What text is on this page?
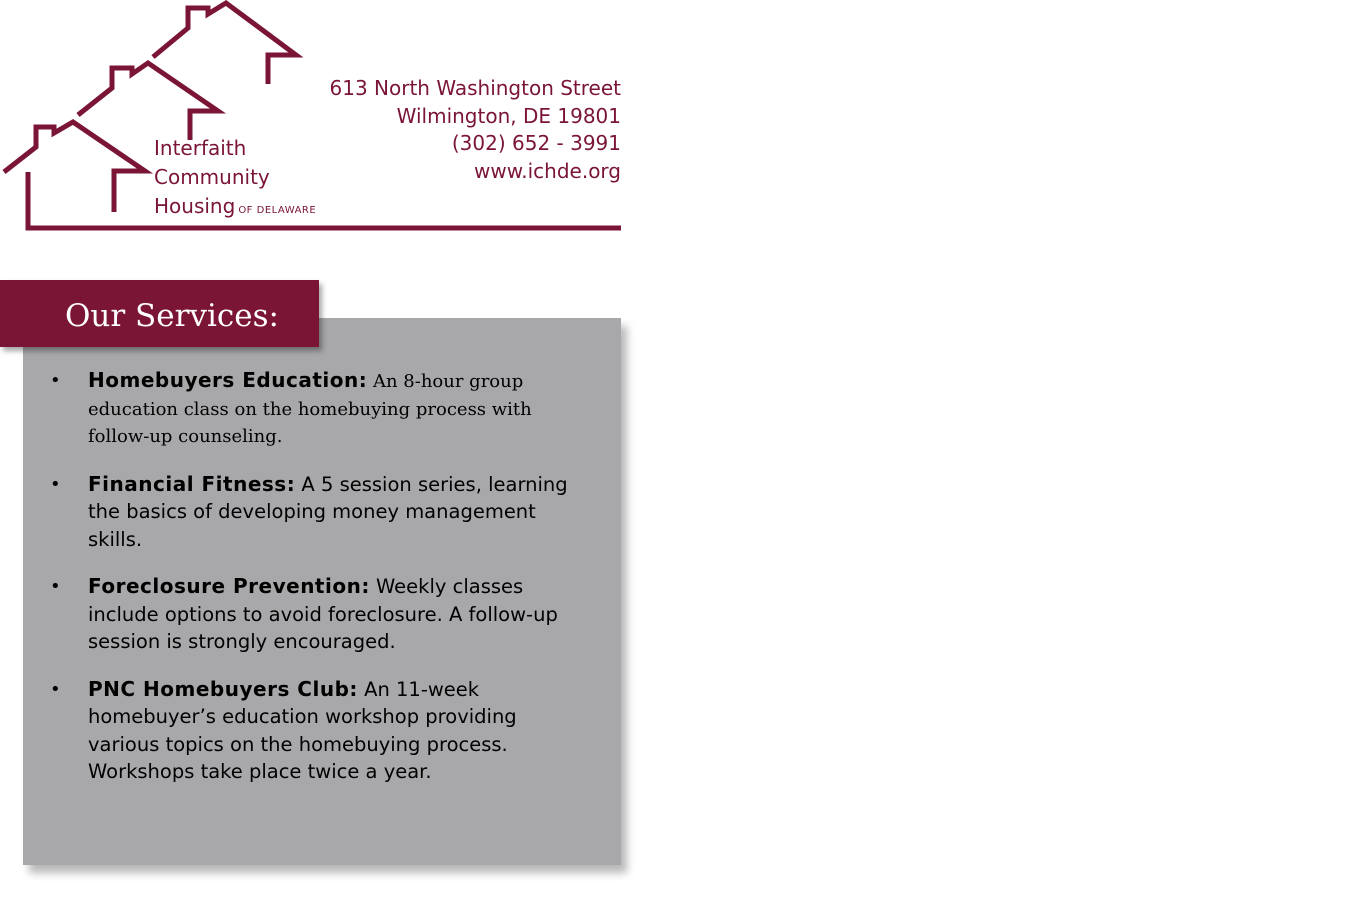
Interfaith
Community
Housing OF DELAWARE
613 North Washington Street
Wilmington, DE 19801
(302) 652 - 3991
www.ichde.org
Our Services:
• Homebuyers Education: An 8-hour group education class on the homebuying process with follow-up counseling.
• Financial Fitness: A 5 session series, learning the basics of developing money management skills.
• Foreclosure Prevention: Weekly classes include options to avoid foreclosure. A follow-up session is strongly encouraged.
• PNC Homebuyers Club: An 11-week homebuyer’s education workshop providing various topics on the homebuying process. Workshops take place twice a year.
